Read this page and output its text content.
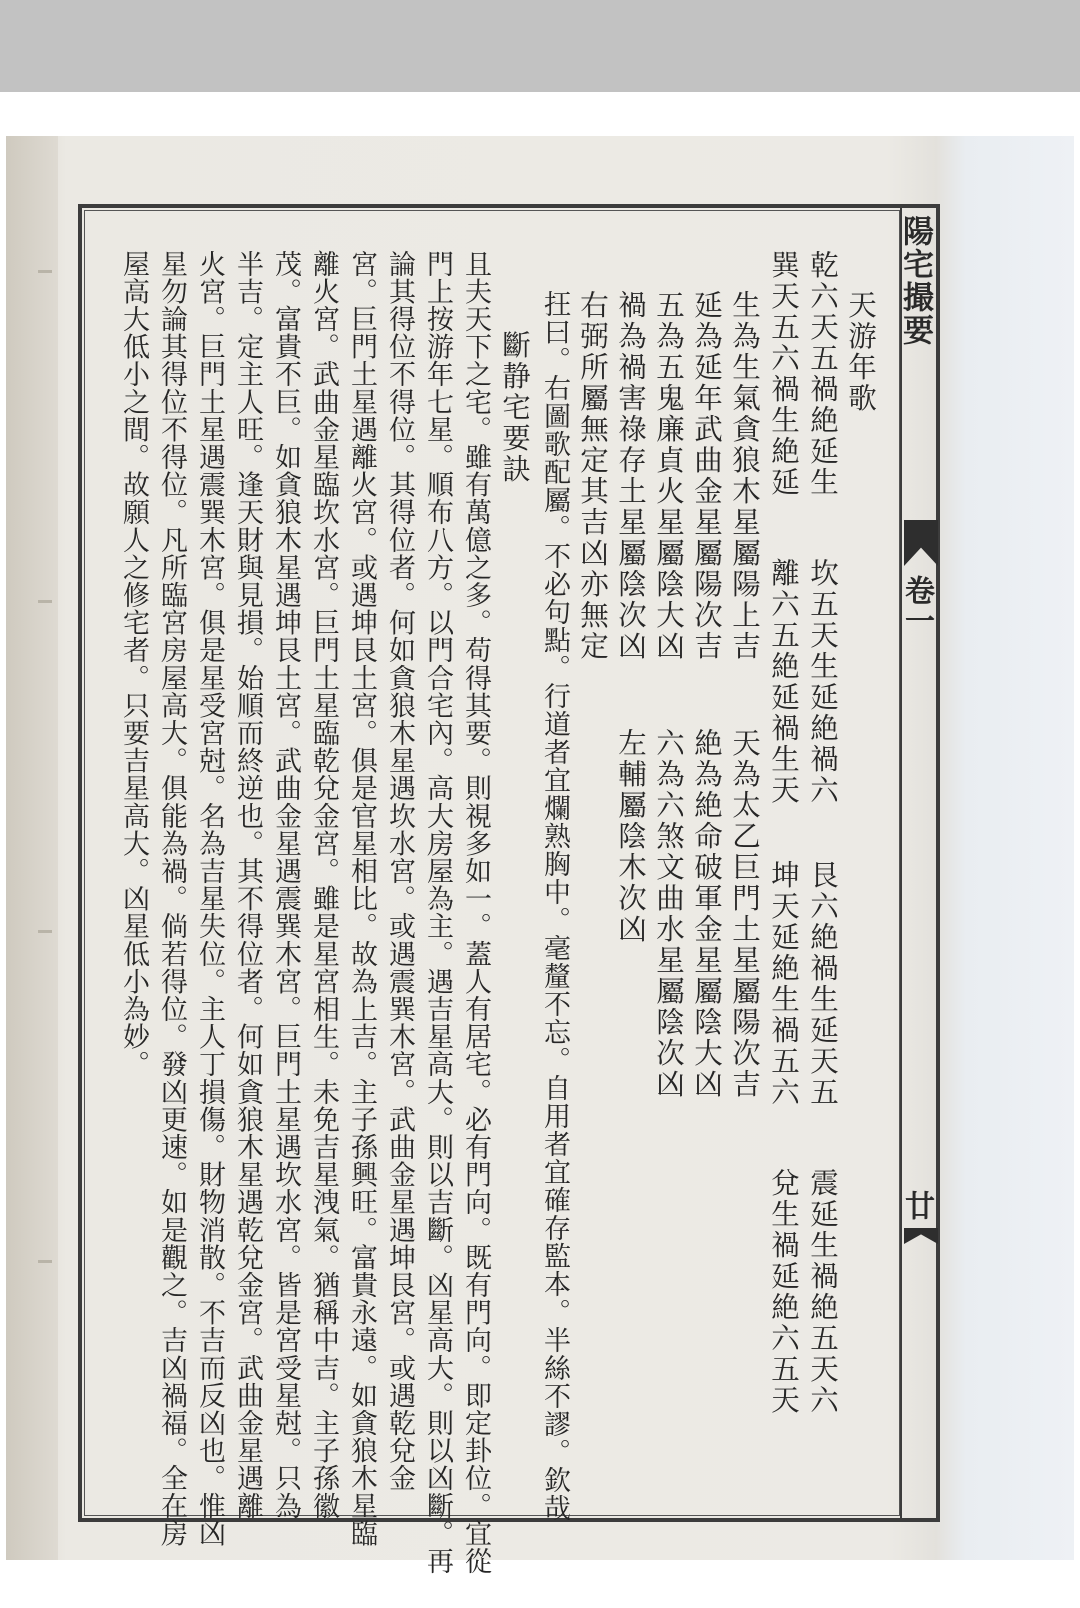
陽宅撮要
卷一
廿
天游年歌
乾六天五禍絶延生
坎五天生延絶禍六
艮六絶禍生延天五
震延生禍絶五天六
巽天五六禍生絶延
離六五絶延禍生天
坤天延絶生禍五六
兌生禍延絶六五天
生為生氣貪狼木星屬陽上吉
天為太乙巨門土星屬陽次吉
延為延年武曲金星屬陽次吉
絶為絶命破軍金星屬陰大凶
五為五鬼廉貞火星屬陰大凶
六為六煞文曲水星屬陰次凶
禍為禍害祿存土星屬陰次凶
左輔屬陰木次凶
右弼所屬無定其吉凶亦無定
抂曰。右圖歌配屬。不必句點。行道者宜爛熟胸中。毫釐不忘。自用者宜確存監本。半絲不謬。欽哉
斷静宅要訣
且夫天下之宅。雖有萬億之多。苟得其要。則視多如一。蓋人有居宅。必有門向。既有門向。即定卦位。宜從
門上按游年七星。順布八方。以門合宅內。高大房屋為主。遇吉星高大。則以吉斷。凶星高大。則以凶斷。再
論其得位不得位。其得位者。何如貪狼木星遇坎水宮。或遇震巽木宮。武曲金星遇坤艮宮。或遇乾兌金
宮。巨門土星遇離火宮。或遇坤艮土宮。俱是官星相比。故為上吉。主子孫興旺。富貴永遠。如貪狼木星臨
離火宮。武曲金星臨坎水宮。巨門土星臨乾兌金宮。雖是星宮相生。未免吉星洩氣。猶稱中吉。主子孫徽
茂。富貴不巨。如貪狼木星遇坤艮土宮。武曲金星遇震巽木宮。巨門土星遇坎水宮。皆是宮受星尅。只為
半吉。定主人旺。逢天財與見損。始順而終逆也。其不得位者。何如貪狼木星遇乾兌金宮。武曲金星遇離
火宮。巨門土星遇震巽木宮。俱是星受宮尅。名為吉星失位。主人丁損傷。財物消散。不吉而反凶也。惟凶
星勿論其得位不得位。凡所臨宮房屋高大。俱能為禍。倘若得位。發凶更速。如是觀之。吉凶禍福。全在房
屋高大低小之間。故願人之修宅者。只要吉星高大。凶星低小為妙。
